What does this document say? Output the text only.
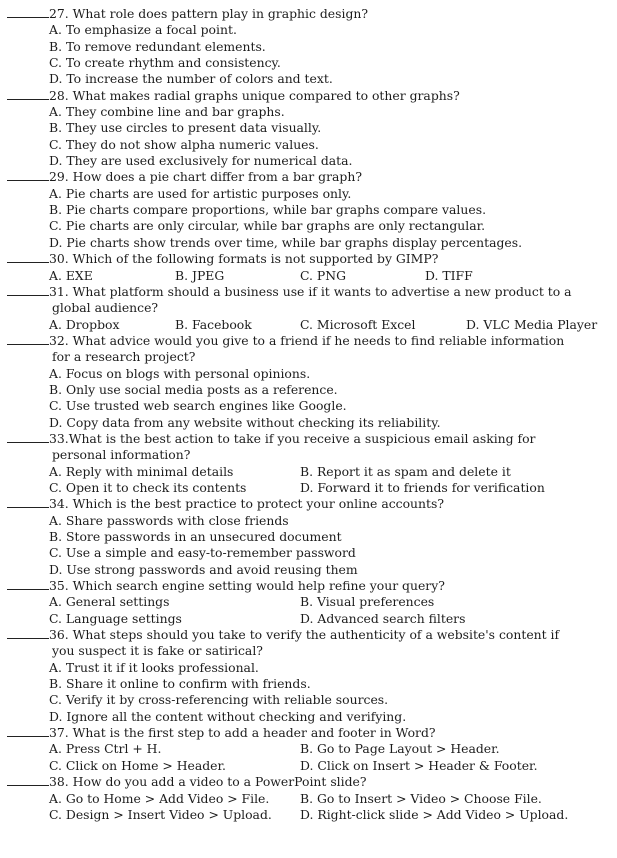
27. What role does pattern play in graphic design?
A. To emphasize a focal point.
B. To remove redundant elements.
C. To create rhythm and consistency.
D. To increase the number of colors and text.
28. What makes radial graphs unique compared to other graphs?
A. They combine line and bar graphs.
B. They use circles to present data visually.
C. They do not show alpha numeric values.
D. They are used exclusively for numerical data.
29. How does a pie chart differ from a bar graph?
A. Pie charts are used for artistic purposes only.
B. Pie charts compare proportions, while bar graphs compare values.
C. Pie charts are only circular, while bar graphs are only rectangular.
D. Pie charts show trends over time, while bar graphs display percentages.
30. Which of the following formats is not supported by GIMP?
A. EXE	B. JPEG	C. PNG	D. TIFF
31. What platform should a business use if it wants to advertise a new product to a
global audience?
A. Dropbox	B. Facebook	C. Microsoft Excel	D. VLC Media Player
32. What advice would you give to a friend if he needs to find reliable information
for a research project?
A. Focus on blogs with personal opinions.
B. Only use social media posts as a reference.
C. Use trusted web search engines like Google.
D. Copy data from any website without checking its reliability.
33.What is the best action to take if you receive a suspicious email asking for
personal information?
A. Reply with minimal details	B. Report it as spam and delete it
C. Open it to check its contents	D. Forward it to friends for verification
34. Which is the best practice to protect your online accounts?
A. Share passwords with close friends
B. Store passwords in an unsecured document
C. Use a simple and easy-to-remember password
D. Use strong passwords and avoid reusing them
35. Which search engine setting would help refine your query?
A. General settings	B. Visual preferences
C. Language settings	D. Advanced search filters
36. What steps should you take to verify the authenticity of a website's content if
you suspect it is fake or satirical?
A. Trust it if it looks professional.
B. Share it online to confirm with friends.
C. Verify it by cross-referencing with reliable sources.
D. Ignore all the content without checking and verifying.
37. What is the first step to add a header and footer in Word?
A. Press Ctrl + H.	B. Go to Page Layout > Header.
C. Click on Home > Header.	D. Click on Insert > Header & Footer.
38. How do you add a video to a PowerPoint slide?
A. Go to Home > Add Video > File. B. Go to Insert > Video > Choose File.
C. Design > Insert Video > Upload. D. Right-click slide > Add Video > Upload.
